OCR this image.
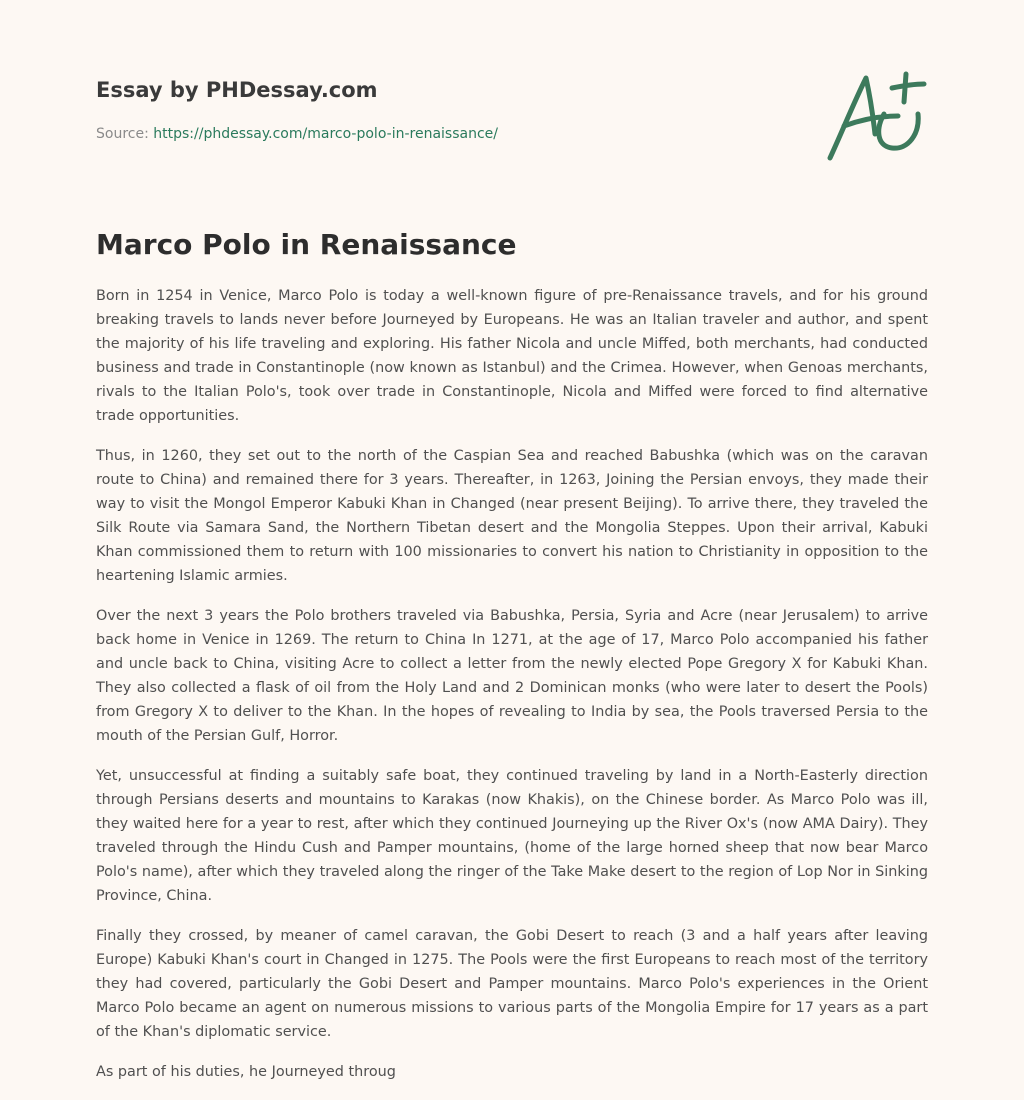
Essay by PHDessay.com
Source: https://phdessay.com/marco-polo-in-renaissance/
Marco Polo in Renaissance

Born in 1254 in Venice, Marco Polo is today a well-known figure of pre-Renaissance travels, and for his ground breaking travels to lands never before Journeyed by Europeans. He was an Italian traveler and author, and spent the majority of his life traveling and exploring. His father Nicola and uncle Miffed, both merchants, had conducted business and trade in Constantinople (now known as Istanbul) and the Crimea. However, when Genoas merchants, rivals to the Italian Polo's, took over trade in Constantinople, Nicola and Miffed were forced to find alternative trade opportunities.

Thus, in 1260, they set out to the north of the Caspian Sea and reached Babushka (which was on the caravan route to China) and remained there for 3 years. Thereafter, in 1263, Joining the Persian envoys, they made their way to visit the Mongol Emperor Kabuki Khan in Changed (near present Beijing). To arrive there, they traveled the Silk Route via Samara Sand, the Northern Tibetan desert and the Mongolia Steppes. Upon their arrival, Kabuki Khan commissioned them to return with 100 missionaries to convert his nation to Christianity in opposition to the heartening Islamic armies.

Over the next 3 years the Polo brothers traveled via Babushka, Persia, Syria and Acre (near Jerusalem) to arrive back home in Venice in 1269. The return to China In 1271, at the age of 17, Marco Polo accompanied his father and uncle back to China, visiting Acre to collect a letter from the newly elected Pope Gregory X for Kabuki Khan. They also collected a flask of oil from the Holy Land and 2 Dominican monks (who were later to desert the Pools) from Gregory X to deliver to the Khan. In the hopes of revealing to India by sea, the Pools traversed Persia to the mouth of the Persian Gulf, Horror.

Yet, unsuccessful at finding a suitably safe boat, they continued traveling by land in a North-Easterly direction through Persians deserts and mountains to Karakas (now Khakis), on the Chinese border. As Marco Polo was ill, they waited here for a year to rest, after which they continued Journeying up the River Ox's (now AMA Dairy). They traveled through the Hindu Cush and Pamper mountains, (home of the large horned sheep that now bear Marco Polo's name), after which they traveled along the ringer of the Take Make desert to the region of Lop Nor in Sinking Province, China.

Finally they crossed, by meaner of camel caravan, the Gobi Desert to reach (3 and a half years after leaving Europe) Kabuki Khan's court in Changed in 1275. The Pools were the first Europeans to reach most of the territory they had covered, particularly the Gobi Desert and Pamper mountains. Marco Polo's experiences in the Orient Marco Polo became an agent on numerous missions to various parts of the Mongolia Empire for 17 years as a part of the Khan's diplomatic service.

As part of his duties, he Journeyed throug
